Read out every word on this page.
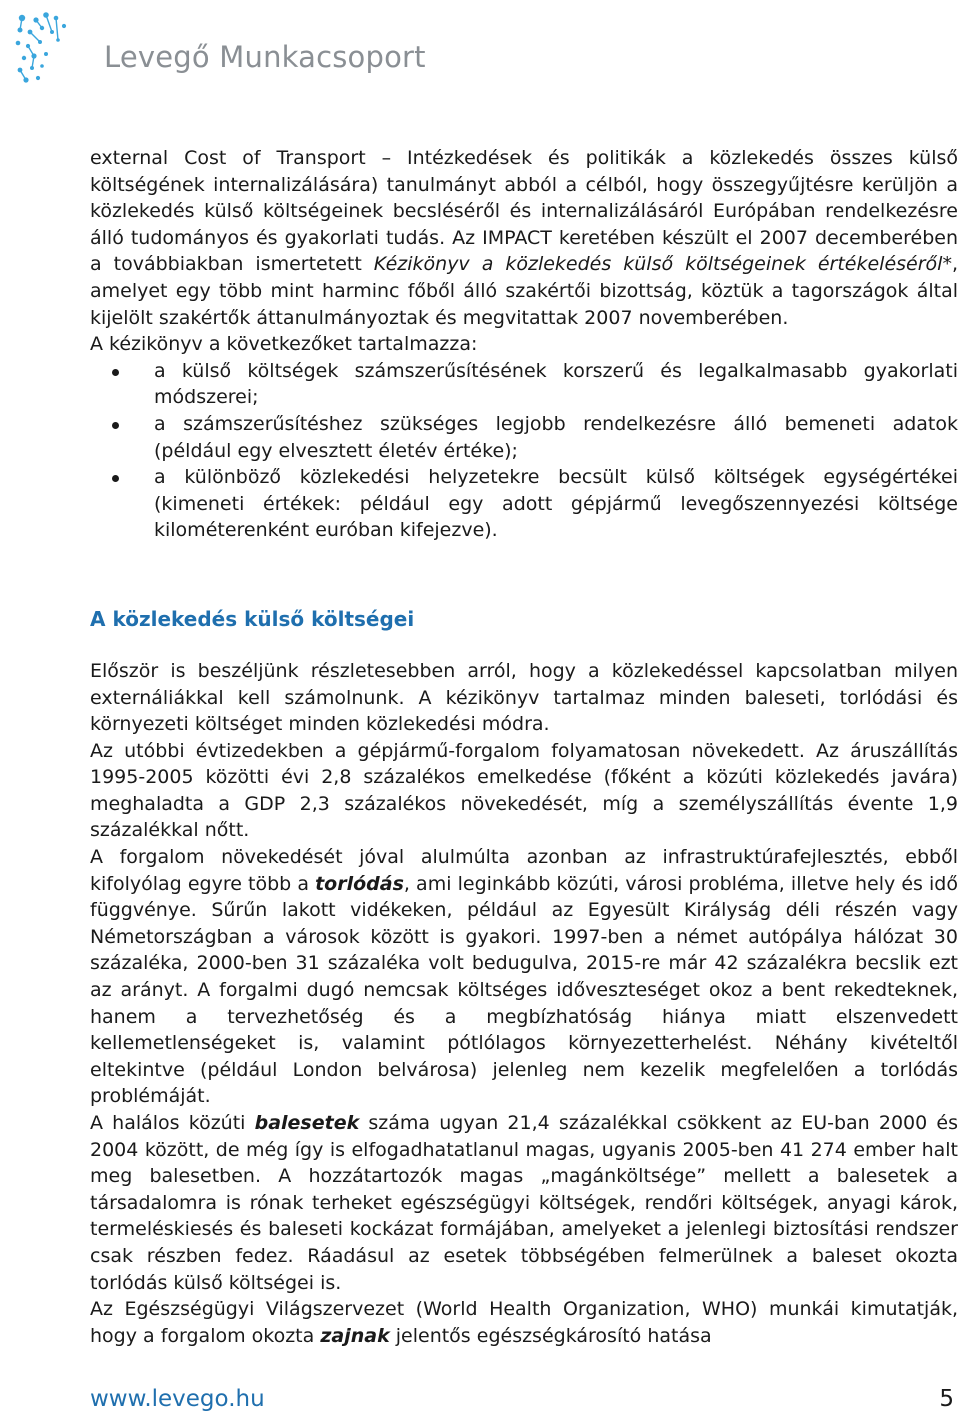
Levegő Munkacsoport

external Cost of Transport – Intézkedések és politikák a közlekedés összes külső költségének internalizálására) tanulmányt abból a célból, hogy összegyűjtésre kerüljön a közlekedés külső költségeinek becsléséről és internalizálásáról Európában rendelkezésre álló tudományos és gyakorlati tudás. Az IMPACT keretében készült el 2007 decemberében a továbbiakban ismertetett Kézikönyv a közlekedés külső költségeinek értékeléséről*, amelyet egy több mint harminc főből álló szakértői bizottság, köztük a tagországok által kijelölt szakértők áttanulmányoztak és megvitattak 2007 novemberében.

A kézikönyv a következőket tartalmazza:

a külső költségek számszerűsítésének korszerű és legalkalmasabb gyakorlati módszerei;
a számszerűsítéshez szükséges legjobb rendelkezésre álló bemeneti adatok (például egy elvesztett életév értéke);
a különböző közlekedési helyzetekre becsült külső költségek egységértékei (kimeneti értékek: például egy adott gépjármű levegőszennyezési költsége kilométerenként euróban kifejezve).
A közlekedés külső költségei

Először is beszéljünk részletesebben arról, hogy a közlekedéssel kapcsolatban milyen externáliákkal kell számolnunk. A kézikönyv tartalmaz minden baleseti, torlódási és környezeti költséget minden közlekedési módra.

Az utóbbi évtizedekben a gépjármű-forgalom folyamatosan növekedett. Az áruszállítás 1995-2005 közötti évi 2,8 százalékos emelkedése (főként a közúti közlekedés javára) meghaladta a GDP 2,3 százalékos növekedését, míg a személyszállítás évente 1,9 százalékkal nőtt.

A forgalom növekedését jóval alulmúlta azonban az infrastruktúrafejlesztés, ebből kifolyólag egyre több a torlódás, ami leginkább közúti, városi probléma, illetve hely és idő függvénye. Sűrűn lakott vidékeken, például az Egyesült Királyság déli részén vagy Németországban a városok között is gyakori. 1997-ben a német autópálya hálózat 30 százaléka, 2000-ben 31 százaléka volt bedugulva, 2015-re már 42 százalékra becslik ezt az arányt. A forgalmi dugó nemcsak költséges időveszteséget okoz a bent rekedteknek, hanem a tervezhetőség és a megbízhatóság hiánya miatt elszenvedett kellemetlenségeket is, valamint pótlólagos környezetterhelést. Néhány kivételtől eltekintve (például London belvárosa) jelenleg nem kezelik megfelelően a torlódás problémáját.

A halálos közúti balesetek száma ugyan 21,4 százalékkal csökkent az EU-ban 2000 és 2004 között, de még így is elfogadhatatlanul magas, ugyanis 2005-ben 41 274 ember halt meg balesetben. A hozzátartozók magas „magánköltsége” mellett a balesetek a társadalomra is rónak terheket egészségügyi költségek, rendőri költségek, anyagi károk, termeléskiesés és baleseti kockázat formájában, amelyeket a jelenlegi biztosítási rendszer csak részben fedez. Ráadásul az esetek többségében felmerülnek a baleset okozta torlódás külső költségei is.

Az Egészségügyi Világszervezet (World Health Organization, WHO) munkái kimutatják, hogy a forgalom okozta zajnak jelentős egészségkárosító hatása

www.levego.hu	5
